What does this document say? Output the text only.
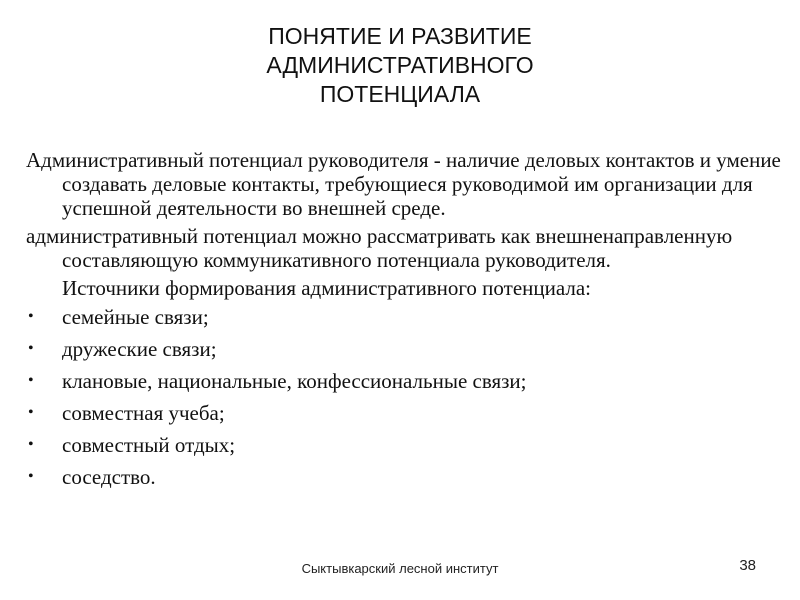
ПОНЯТИЕ И РАЗВИТИЕ
АДМИНИСТРАТИВНОГО
ПОТЕНЦИАЛА

Административный потенциал руководителя - наличие деловых контактов и умение создавать деловые контакты, требующиеся руководимой им организации для успешной деятельности во внешней среде.

административный потенциал можно рассматривать как внешненаправленную составляющую коммуникативного потенциала руководителя.

Источники формирования административного потенциала:

• семейные связи;
• дружеские связи;
• клановые, национальные, конфессиональные связи;
• совместная учеба;
• совместный отдых;
• соседство.
Сыктывкарский лесной институт	38
